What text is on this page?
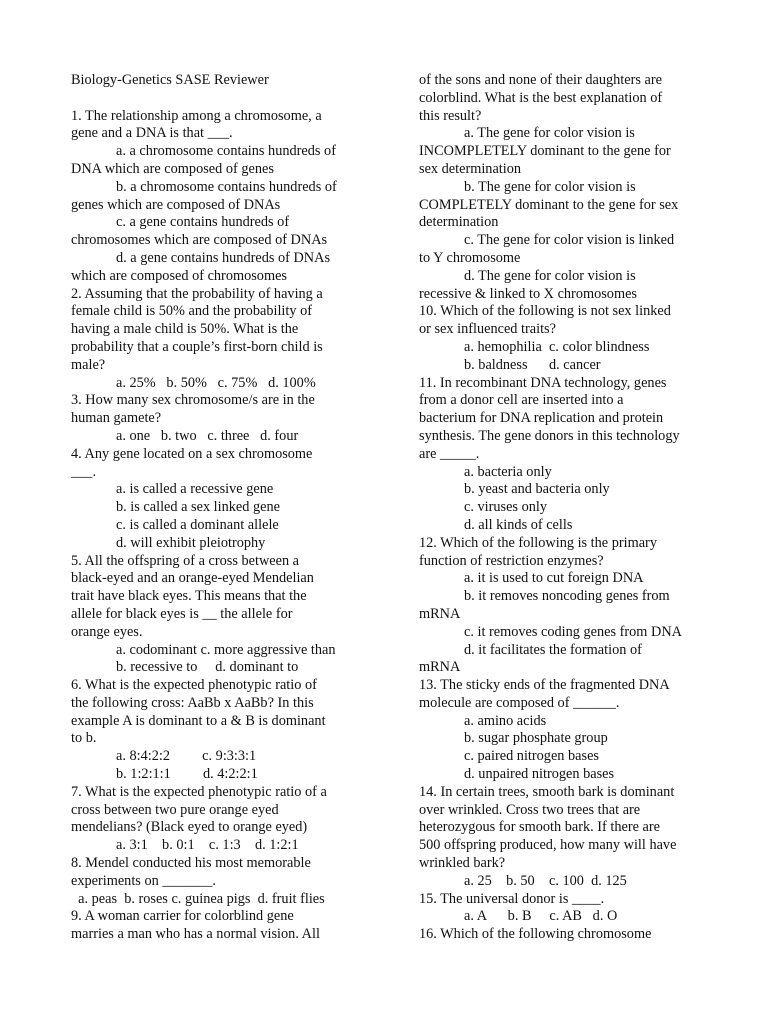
Biology-Genetics SASE Reviewer
1. The relationship among a chromosome, a
gene and a DNA is that ___.
a. a chromosome contains hundreds of
DNA which are composed of genes
b. a chromosome contains hundreds of
genes which are composed of DNAs
c. a gene contains hundreds of
chromosomes which are composed of DNAs
d. a gene contains hundreds of DNAs
which are composed of chromosomes
2. Assuming that the probability of having a
female child is 50% and the probability of
having a male child is 50%. What is the
probability that a couple’s first-born child is
male?
a. 25%   b. 50%   c. 75%   d. 100%
3. How many sex chromosome/s are in the
human gamete?
a. one   b. two   c. three   d. four
4. Any gene located on a sex chromosome
___.
a. is called a recessive gene
b. is called a sex linked gene
c. is called a dominant allele
d. will exhibit pleiotrophy
5. All the offspring of a cross between a
black-eyed and an orange-eyed Mendelian
trait have black eyes. This means that the
allele for black eyes is __ the allele for
orange eyes.
a. codominant c. more aggressive than
b. recessive to     d. dominant to
6. What is the expected phenotypic ratio of
the following cross: AaBb x AaBb? In this
example A is dominant to a & B is dominant
to b.
a. 8:4:2:2         c. 9:3:3:1
b. 1:2:1:1         d. 4:2:2:1
7. What is the expected phenotypic ratio of a
cross between two pure orange eyed
mendelians? (Black eyed to orange eyed)
a. 3:1    b. 0:1    c. 1:3    d. 1:2:1
8. Mendel conducted his most memorable
experiments on _______.
a. peas  b. roses c. guinea pigs  d. fruit flies
9. A woman carrier for colorblind gene
marries a man who has a normal vision. All
of the sons and none of their daughters are
colorblind. What is the best explanation of
this result?
a. The gene for color vision is
INCOMPLETELY dominant to the gene for
sex determination
b. The gene for color vision is
COMPLETELY dominant to the gene for sex
determination
c. The gene for color vision is linked
to Y chromosome
d. The gene for color vision is
recessive & linked to X chromosomes
10. Which of the following is not sex linked
or sex influenced traits?
a. hemophilia  c. color blindness
b. baldness      d. cancer
11. In recombinant DNA technology, genes
from a donor cell are inserted into a
bacterium for DNA replication and protein
synthesis. The gene donors in this technology
are _____.
a. bacteria only
b. yeast and bacteria only
c. viruses only
d. all kinds of cells
12. Which of the following is the primary
function of restriction enzymes?
a. it is used to cut foreign DNA
b. it removes noncoding genes from
mRNA
c. it removes coding genes from DNA
d. it facilitates the formation of
mRNA
13. The sticky ends of the fragmented DNA
molecule are composed of ______.
a. amino acids
b. sugar phosphate group
c. paired nitrogen bases
d. unpaired nitrogen bases
14. In certain trees, smooth bark is dominant
over wrinkled. Cross two trees that are
heterozygous for smooth bark. If there are
500 offspring produced, how many will have
wrinkled bark?
a. 25    b. 50    c. 100  d. 125
15. The universal donor is ____.
a. A      b. B     c. AB   d. O
16. Which of the following chromosome
